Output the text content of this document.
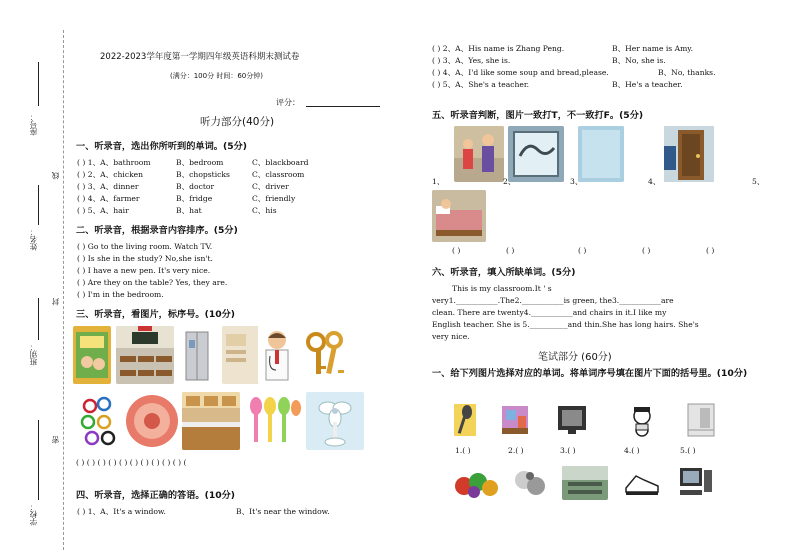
座号：
线
姓名：
封
班别：
密
学校：
2022-2023学年度第一学期四年级英语科期末测试卷
(满分：100分 时间：60分钟)
评分：
听力部分(40分)
一、听录音，选出你所听到的单词。(5分)
( ) 1、A、bathroom	B、bedroom	C、blackboard
( ) 2、A、chicken	B、chopsticks	C、classroom
( ) 3、A、dinner	B、doctor	C、driver
( ) 4、A、farmer	B、fridge	C、friendly
( ) 5、A、hair	B、hat	C、his
二、听录音，根据录音内容排序。(5分)
( ) Go to the living room. Watch TV.
( ) Is she in the study? No,she isn't.
( ) I have a new pen. It's very nice.
( ) Are they on the table? Yes, they are.
( ) I'm in the bedroom.
三、听录音，看图片，标序号。(10分)
( ) ( ) ( ) ( ) ( ) ( ) ( ) ( ) ( ) ( ) (
四、听录音，选择正确的答语。(10分)
( ) 1、A、It's a window.	B、It's near the window.
( ) 2、A、His name is Zhang Peng.	B、Her name is Amy.
( ) 3、A、Yes, she is.	B、No, she is.
( ) 4、A、I'd like some soup and bread,please.	B、No, thanks.
( ) 5、A、She's a teacher.	B、He's a teacher.
五、听录音判断，图片一致打T，不一致打F。(5分)
1、	2、	3、	4、	5、
( )	( )	( )	( )	( )
六、听录音，填入所缺单词。(5分)
This is my classroom.It ' s
very1.___________.The2.___________is green, the3.___________are
clean. There are twenty4.___________and chairs in it.I like my
English teacher. She is 5.__________and thin.She has long hairs. She's
very nice.
笔试部分 (60分)
一、给下列图片选择对应的单词。将单词序号填在图片下面的括号里。(10分)
1.( )	2.( )	3.( )	4.( )	5.( )
